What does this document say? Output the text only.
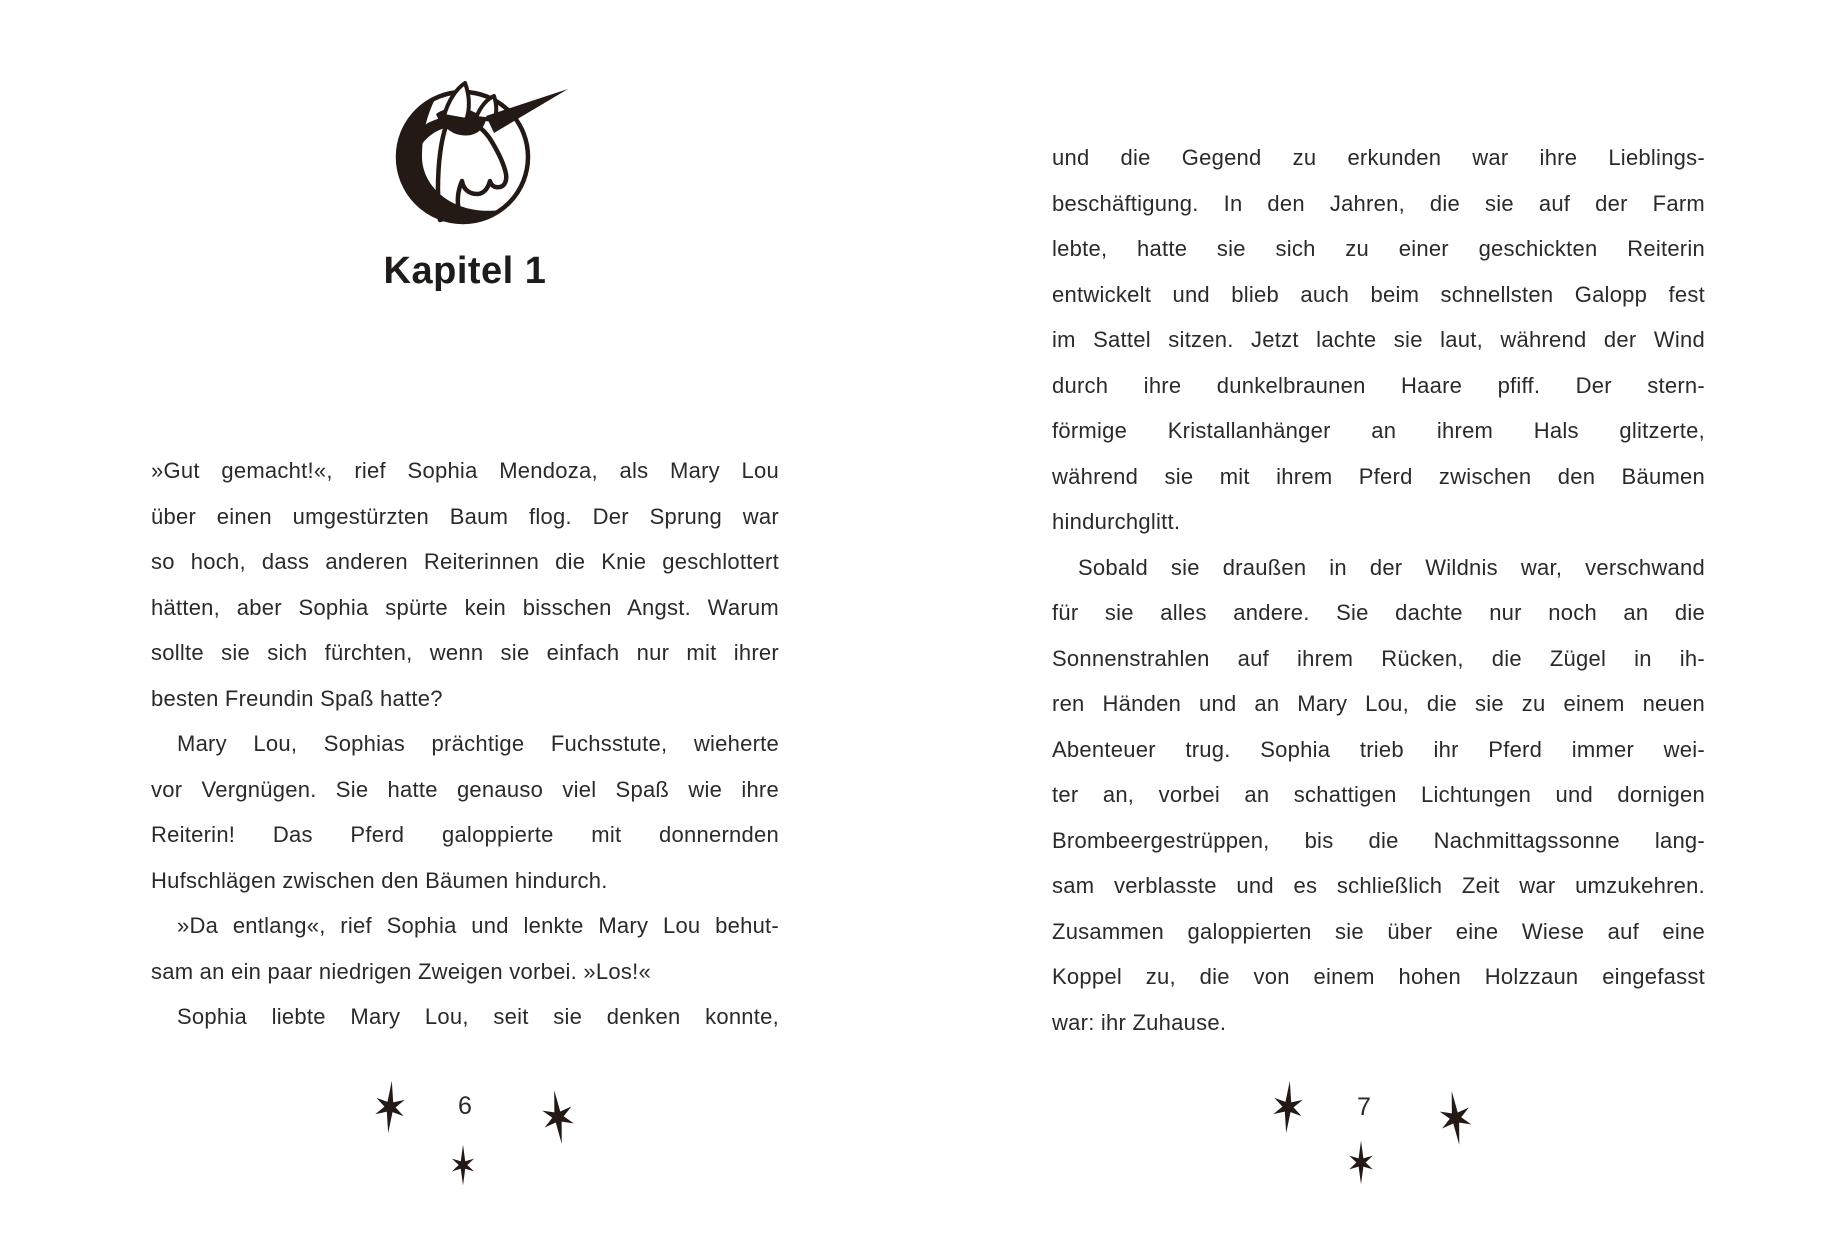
Kapitel 1
»Gut gemacht!«, rief Sophia Mendoza, als Mary Lou
über einen umgestürzten Baum flog. Der Sprung war
so hoch, dass anderen Reiterinnen die Knie geschlottert
hätten, aber Sophia spürte kein bisschen Angst. Warum
sollte sie sich fürchten, wenn sie einfach nur mit ihrer
besten Freundin Spaß hatte?
Mary Lou, Sophias prächtige Fuchsstute, wieherte
vor Vergnügen. Sie hatte genauso viel Spaß wie ihre
Reiterin! Das Pferd galoppierte mit donnernden
Hufschlägen zwischen den Bäumen hindurch.
»Da entlang«, rief Sophia und lenkte Mary Lou behut-
sam an ein paar niedrigen Zweigen vorbei. »Los!«
Sophia liebte Mary Lou, seit sie denken konnte,
6
und die Gegend zu erkunden war ihre Lieblings-
beschäftigung. In den Jahren, die sie auf der Farm
lebte, hatte sie sich zu einer geschickten Reiterin
entwickelt und blieb auch beim schnellsten Galopp fest
im Sattel sitzen. Jetzt lachte sie laut, während der Wind
durch ihre dunkelbraunen Haare pfiff. Der stern-
förmige Kristallanhänger an ihrem Hals glitzerte,
während sie mit ihrem Pferd zwischen den Bäumen
hindurchglitt.
Sobald sie draußen in der Wildnis war, verschwand
für sie alles andere. Sie dachte nur noch an die
Sonnenstrahlen auf ihrem Rücken, die Zügel in ih-
ren Händen und an Mary Lou, die sie zu einem neuen
Abenteuer trug. Sophia trieb ihr Pferd immer wei-
ter an, vorbei an schattigen Lichtungen und dornigen
Brombeergestrüppen, bis die Nachmittagssonne lang-
sam verblasste und es schließlich Zeit war umzukehren.
Zusammen galoppierten sie über eine Wiese auf eine
Koppel zu, die von einem hohen Holzzaun eingefasst
war: ihr Zuhause.
7
